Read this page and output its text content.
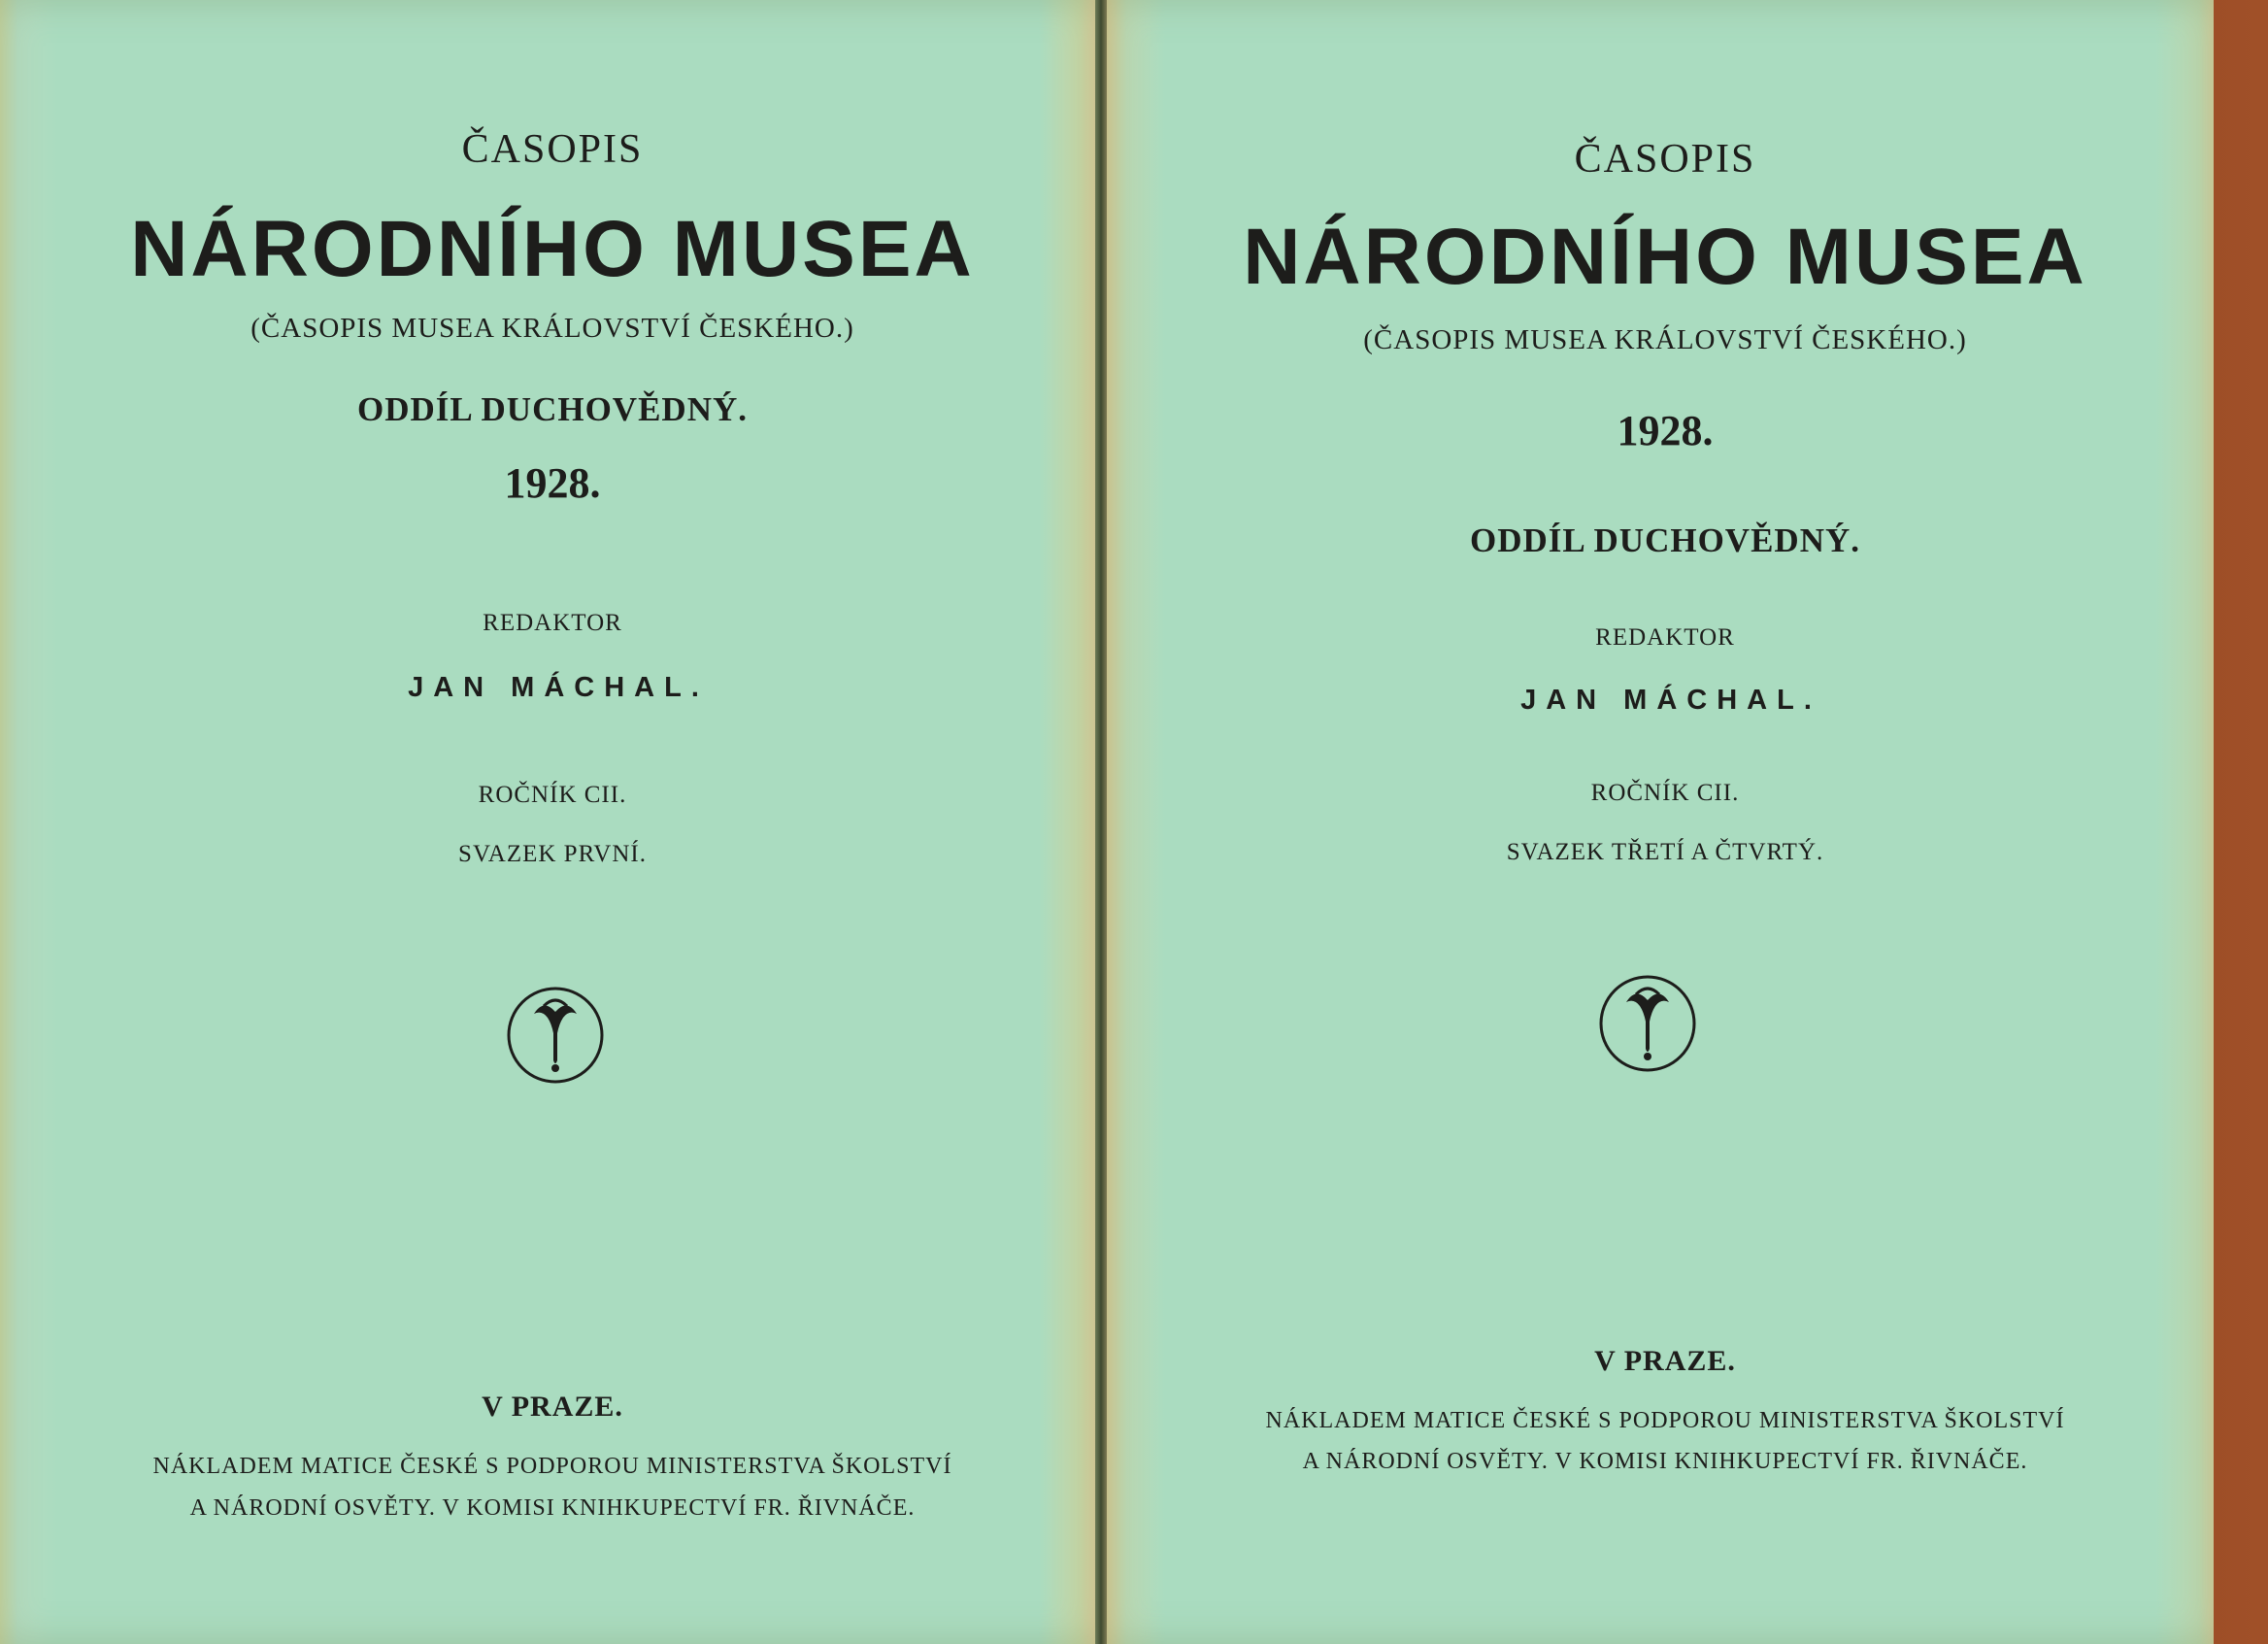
ČASOPIS
NÁRODNÍHO MUSEA
(ČASOPIS MUSEA KRÁLOVSTVÍ ČESKÉHO.)
ODDÍL DUCHOVĚDNÝ.
1928.
REDAKTOR
JAN MÁCHAL.
ROČNÍK CII.
SVAZEK PRVNÍ.
V PRAZE.
NÁKLADEM MATICE ČESKÉ S PODPOROU MINISTERSTVA ŠKOLSTVÍ
A NÁRODNÍ OSVĚTY. V KOMISI KNIHKUPECTVÍ FR. ŘIVNÁČE.
ČASOPIS
NÁRODNÍHO MUSEA
(ČASOPIS MUSEA KRÁLOVSTVÍ ČESKÉHO.)
1928.
ODDÍL DUCHOVĚDNÝ.
REDAKTOR
JAN MÁCHAL.
ROČNÍK CII.
SVAZEK TŘETÍ A ČTVRTÝ.
V PRAZE.
NÁKLADEM MATICE ČESKÉ S PODPOROU MINISTERSTVA ŠKOLSTVÍ
A NÁRODNÍ OSVĚTY. V KOMISI KNIHKUPECTVÍ FR. ŘIVNÁČE.
